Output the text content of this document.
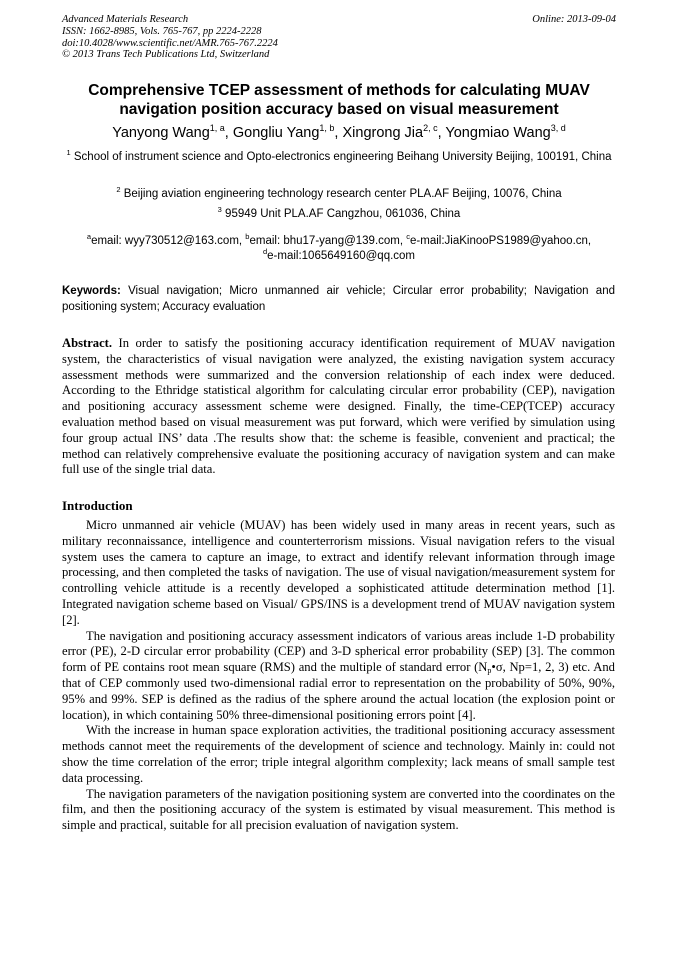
Advanced Materials Research
ISSN: 1662-8985, Vols. 765-767, pp 2224-2228
doi:10.4028/www.scientific.net/AMR.765-767.2224
© 2013 Trans Tech Publications Ltd, Switzerland
Online: 2013-09-04
Comprehensive TCEP assessment of methods for calculating MUAV navigation position accuracy based on visual measurement
Yanyong Wang$^{1, a}$, Gongliu Yang$^{1, b}$, Xingrong Jia$^{2, c}$, Yongmiao Wang$^{3, d}$
$^1$ School of instrument science and Opto-electronics engineering Beihang University Beijing, 100191, China
$^2$ Beijing aviation engineering technology research center PLA.AF Beijing, 10076, China
$^3$ 95949 Unit PLA.AF Cangzhou, 061036, China
$^a$email: wyy730512@163.com, $^b$email: bhu17-yang@139.com, $^c$e-mail:JiaKinooPS1989@yahoo.cn,
$^d$e-mail:1065649160@qq.com
Keywords: Visual navigation; Micro unmanned air vehicle; Circular error probability; Navigation and positioning system; Accuracy evaluation
Abstract. In order to satisfy the positioning accuracy identification requirement of MUAV navigation system, the characteristics of visual navigation were analyzed, the existing navigation system accuracy assessment methods were summarized and the conversion relationship of each index were deduced. According to the Ethridge statistical algorithm for calculating circular error probability (CEP), navigation and positioning accuracy assessment scheme were designed. Finally, the time-CEP(TCEP) accuracy evaluation method based on visual measurement was put forward, which were verified by simulation using four group actual INS’ data .The results show that: the scheme is feasible, convenient and practical; the method can relatively comprehensive evaluate the positioning accuracy of navigation system and can make full use of the single trial data.
Introduction

Micro unmanned air vehicle (MUAV) has been widely used in many areas in recent years, such as military reconnaissance, intelligence and counterterrorism missions. Visual navigation refers to the visual system uses the camera to capture an image, to extract and identify relevant information through image processing, and then completed the tasks of navigation. The use of visual navigation/measurement system for controlling vehicle attitude is a recently developed a sophisticated attitude determination method [1]. Integrated navigation scheme based on Visual/ GPS/INS is a development trend of MUAV navigation system [2].

The navigation and positioning accuracy assessment indicators of various areas include 1-D probability error (PE), 2-D circular error probability (CEP) and 3-D spherical error probability (SEP) [3]. The common form of PE contains root mean square (RMS) and the multiple of standard error ($N_p•\sigma$, Np=1, 2, 3) etc. And that of CEP commonly used two-dimensional radial error to representation on the probability of 50%, 90%, 95% and 99%. SEP is defined as the radius of the sphere around the actual location (the explosion point or location), in which containing 50% three-dimensional positioning errors point [4].

With the increase in human space exploration activities, the traditional positioning accuracy assessment methods cannot meet the requirements of the development of science and technology. Mainly in: could not show the time correlation of the error; triple integral algorithm complexity; lack means of small sample test data processing.

The navigation parameters of the navigation positioning system are converted into the coordinates on the film, and then the positioning accuracy of the system is estimated by visual measurement. This method is simple and practical, suitable for all precision evaluation of navigation system.
